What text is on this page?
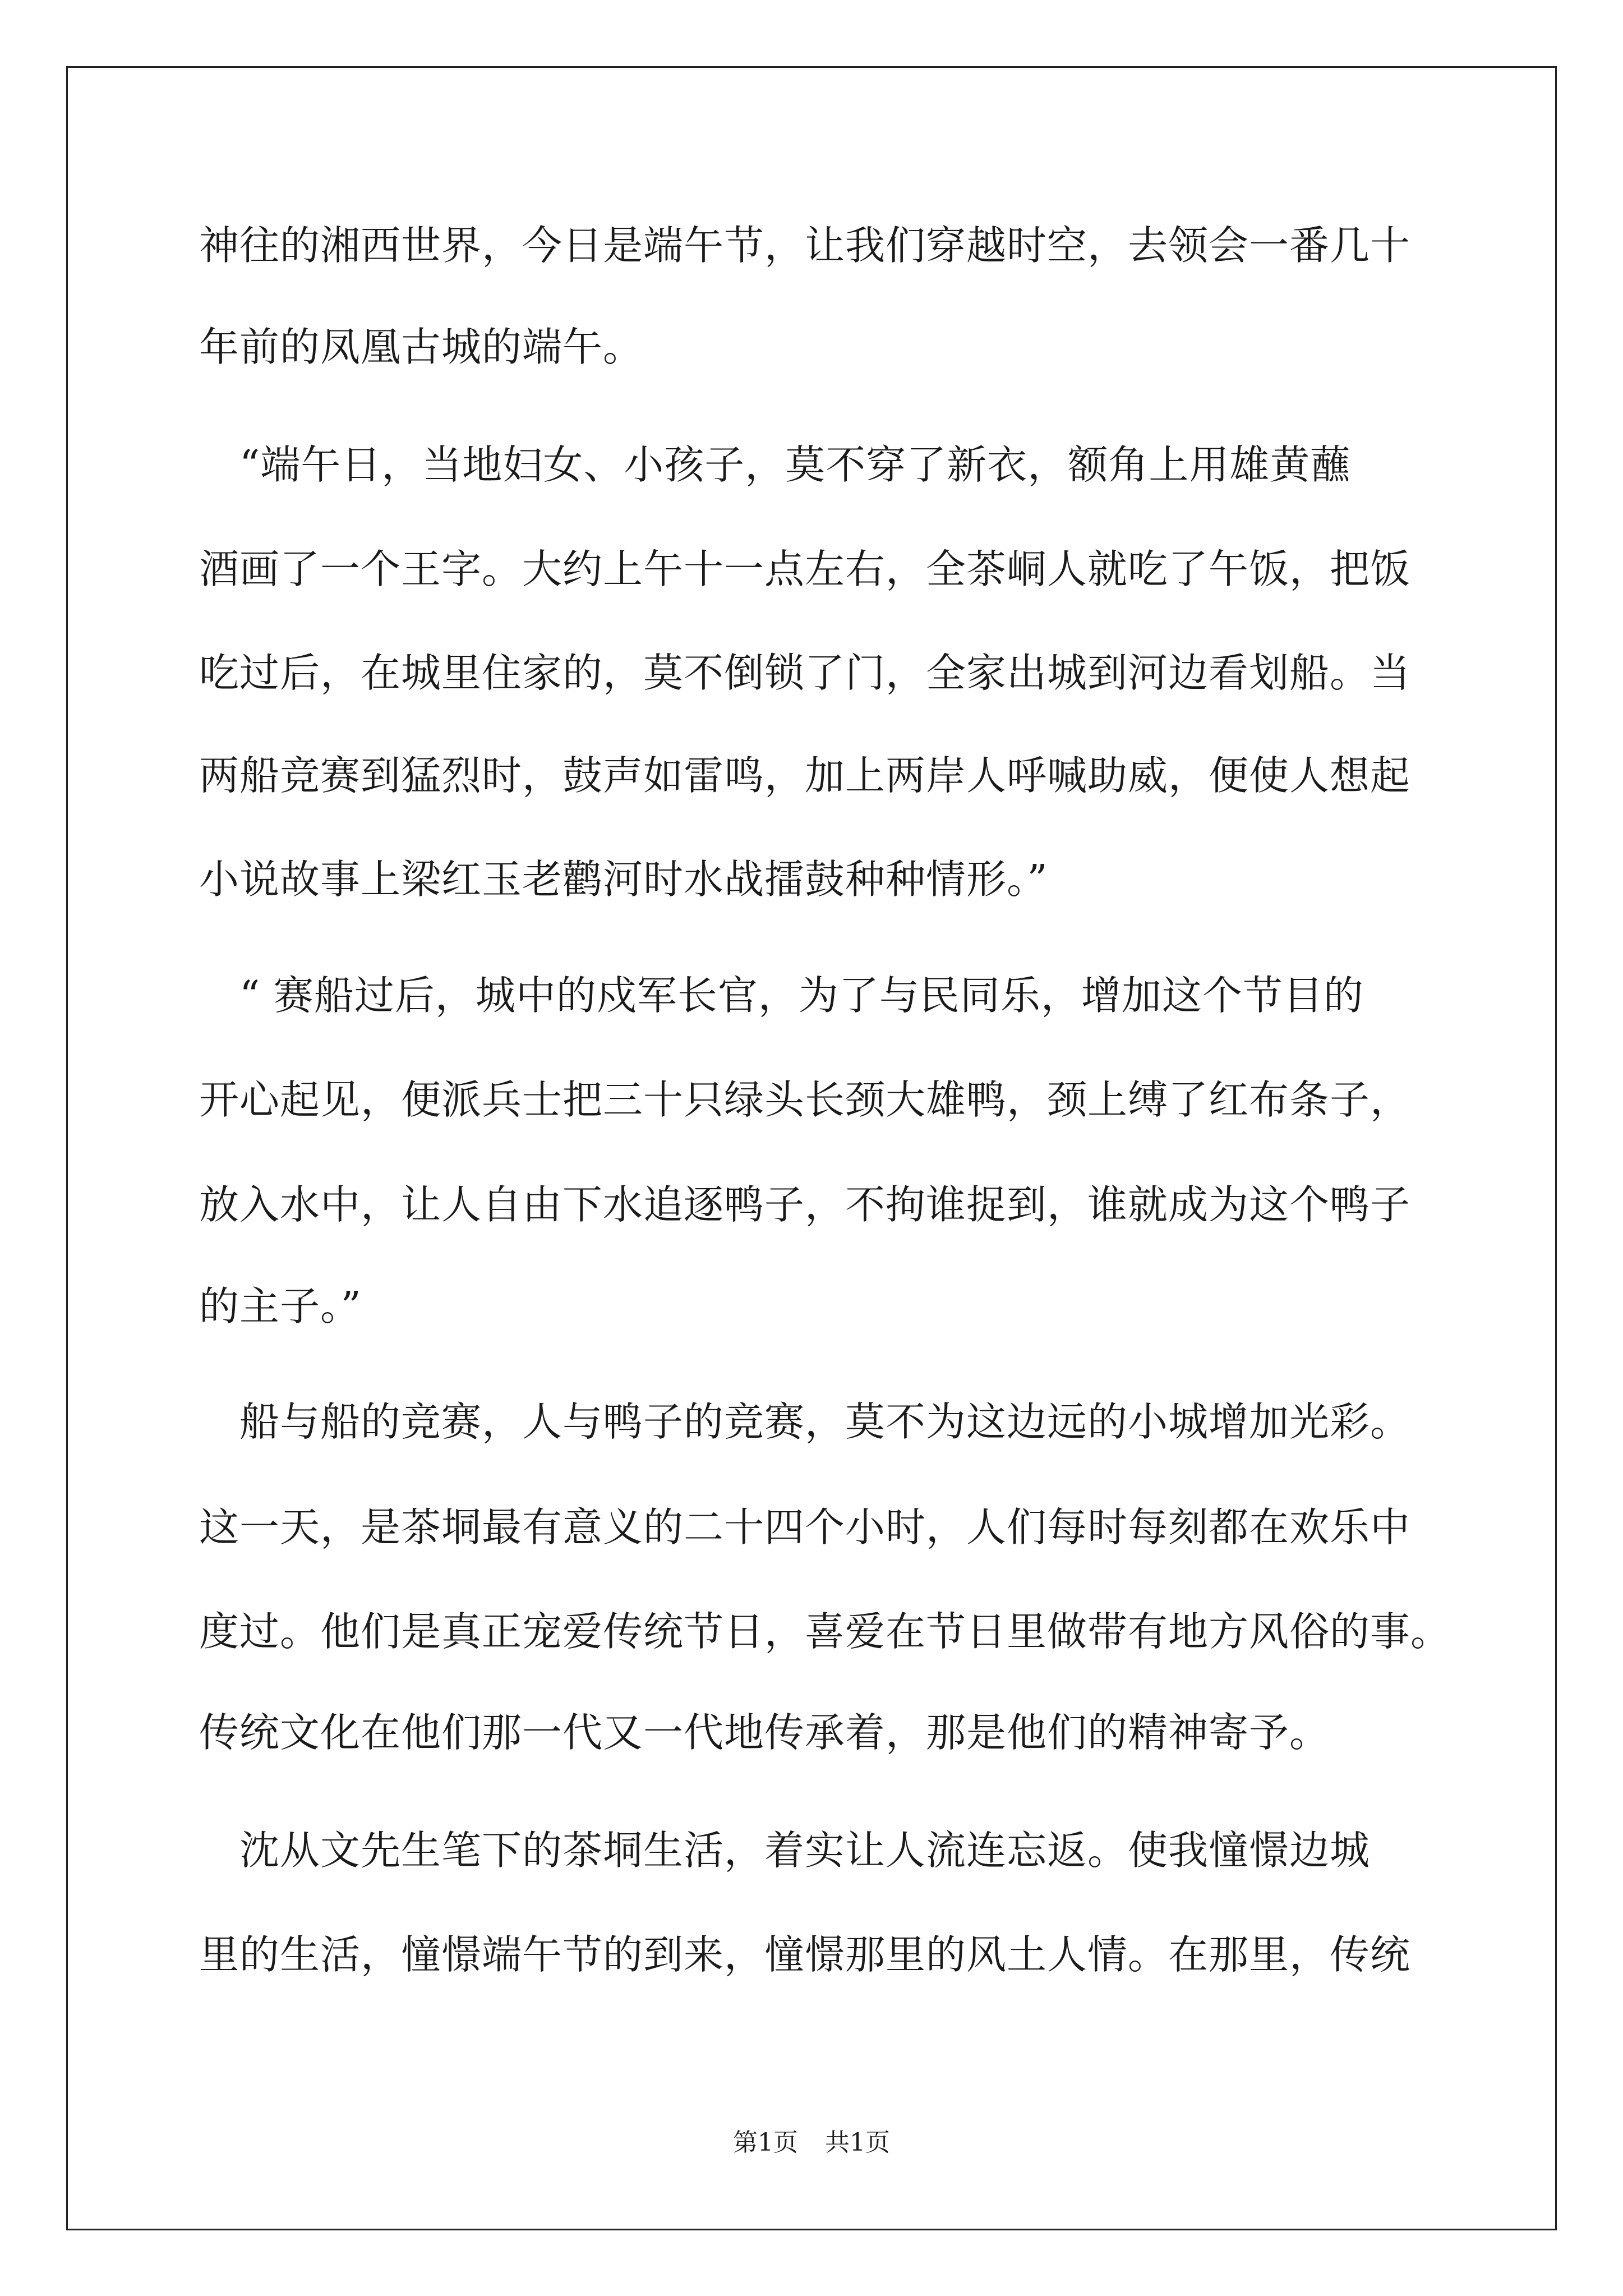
神往的湘西世界，今日是端午节，让我们穿越时空，去领会一番几十
年前的凤凰古城的端午。
　“端午日，当地妇女、小孩子，莫不穿了新衣，额角上用雄黄蘸
酒画了一个王字。大约上午十一点左右，全茶峒人就吃了午饭，把饭
吃过后，在城里住家的，莫不倒锁了门，全家出城到河边看划船。当
两船竞赛到猛烈时，鼓声如雷鸣，加上两岸人呼喊助威，便使人想起
小说故事上梁红玉老鹳河时水战擂鼓种种情形。”
　“ 赛船过后，城中的戍军长官，为了与民同乐，增加这个节目的
开心起见，便派兵士把三十只绿头长颈大雄鸭，颈上缚了红布条子，
放入水中，让人自由下水追逐鸭子，不拘谁捉到，谁就成为这个鸭子
的主子。”
　船与船的竞赛，人与鸭子的竞赛，莫不为这边远的小城增加光彩。
这一天，是茶垌最有意义的二十四个小时，人们每时每刻都在欢乐中
度过。他们是真正宠爱传统节日，喜爱在节日里做带有地方风俗的事。
传统文化在他们那一代又一代地传承着，那是他们的精神寄予。
　沈从文先生笔下的茶垌生活，着实让人流连忘返。使我憧憬边城
里的生活，憧憬端午节的到来，憧憬那里的风土人情。在那里，传统
第1页 共1页
